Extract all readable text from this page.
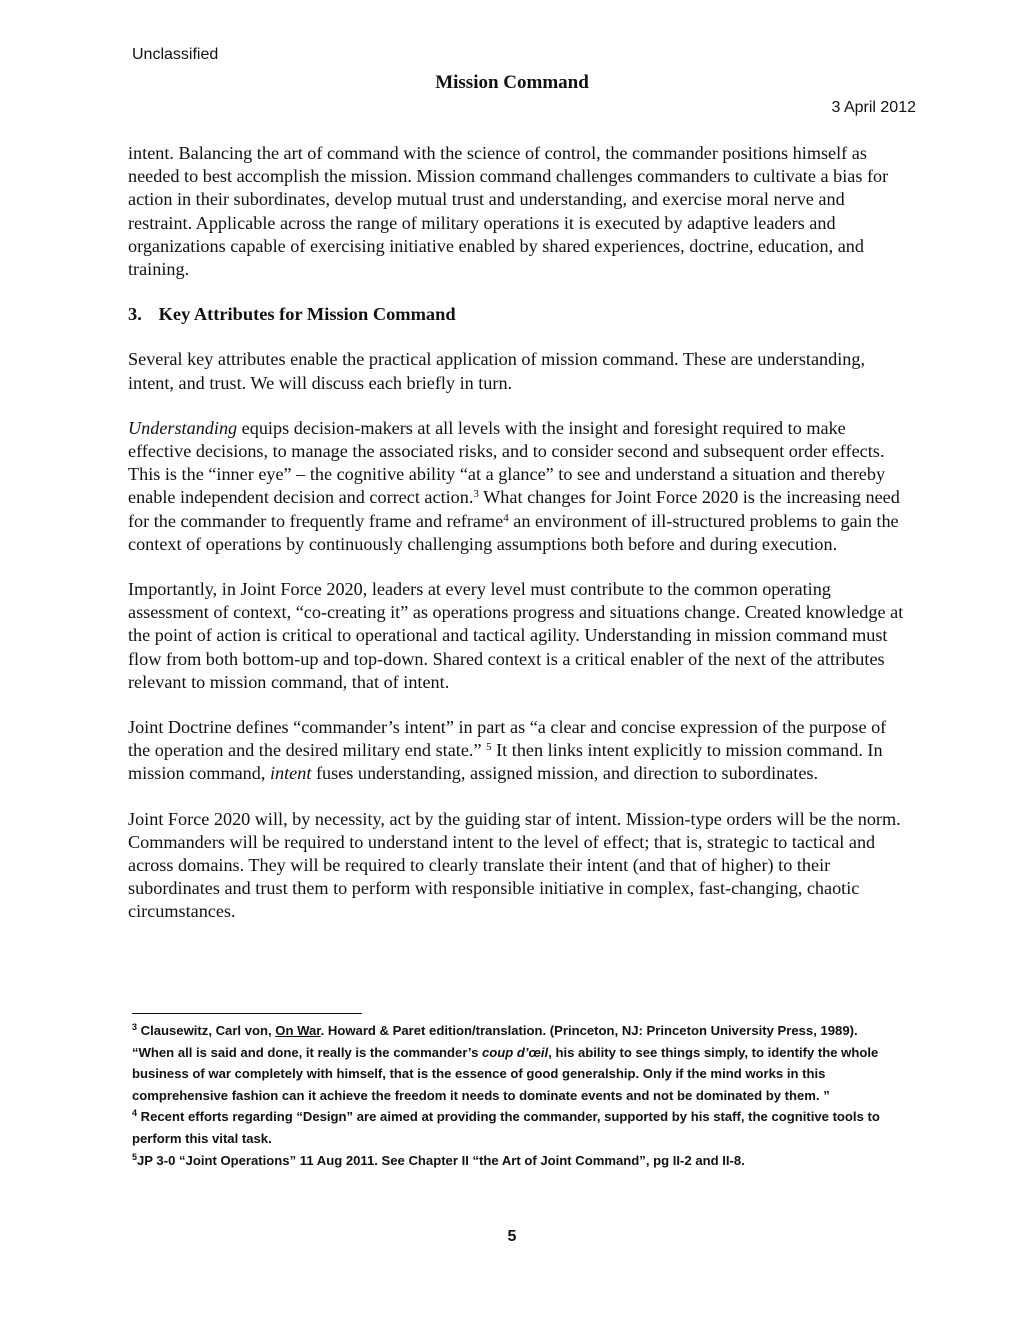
Unclassified
Mission Command
3 April 2012

intent. Balancing the art of command with the science of control, the commander positions himself as needed to best accomplish the mission. Mission command challenges commanders to cultivate a bias for action in their subordinates, develop mutual trust and understanding, and exercise moral nerve and restraint. Applicable across the range of military operations it is executed by adaptive leaders and organizations capable of exercising initiative enabled by shared experiences, doctrine, education, and training.

3. Key Attributes for Mission Command

Several key attributes enable the practical application of mission command. These are understanding, intent, and trust. We will discuss each briefly in turn.

Understanding equips decision-makers at all levels with the insight and foresight required to make effective decisions, to manage the associated risks, and to consider second and subsequent order effects. This is the “inner eye” – the cognitive ability “at a glance” to see and understand a situation and thereby enable independent decision and correct action.$^3$ What changes for Joint Force 2020 is the increasing need for the commander to frequently frame and reframe$^4$ an environment of ill-structured problems to gain the context of operations by continuously challenging assumptions both before and during execution.

Importantly, in Joint Force 2020, leaders at every level must contribute to the common operating assessment of context, “co-creating it” as operations progress and situations change. Created knowledge at the point of action is critical to operational and tactical agility. Understanding in mission command must flow from both bottom-up and top-down. Shared context is a critical enabler of the next of the attributes relevant to mission command, that of intent.

Joint Doctrine defines “commander’s intent” in part as “a clear and concise expression of the purpose of the operation and the desired military end state.” $^5$ It then links intent explicitly to mission command. In mission command, intent fuses understanding, assigned mission, and direction to subordinates.

Joint Force 2020 will, by necessity, act by the guiding star of intent. Mission-type orders will be the norm. Commanders will be required to understand intent to the level of effect; that is, strategic to tactical and across domains. They will be required to clearly translate their intent (and that of higher) to their subordinates and trust them to perform with responsible initiative in complex, fast-changing, chaotic circumstances.

$^3$ Clausewitz, Carl von, On War. Howard & Paret edition/translation. (Princeton, NJ: Princeton University Press, 1989). “When all is said and done, it really is the commander’s coup d’œil, his ability to see things simply, to identify the whole business of war completely with himself, that is the essence of good generalship. Only if the mind works in this comprehensive fashion can it achieve the freedom it needs to dominate events and not be dominated by them. ”

$^4$ Recent efforts regarding “Design” are aimed at providing the commander, supported by his staff, the cognitive tools to perform this vital task.

$^5$JP 3-0 “Joint Operations” 11 Aug 2011. See Chapter II “the Art of Joint Command”, pg II-2 and II-8.

5
